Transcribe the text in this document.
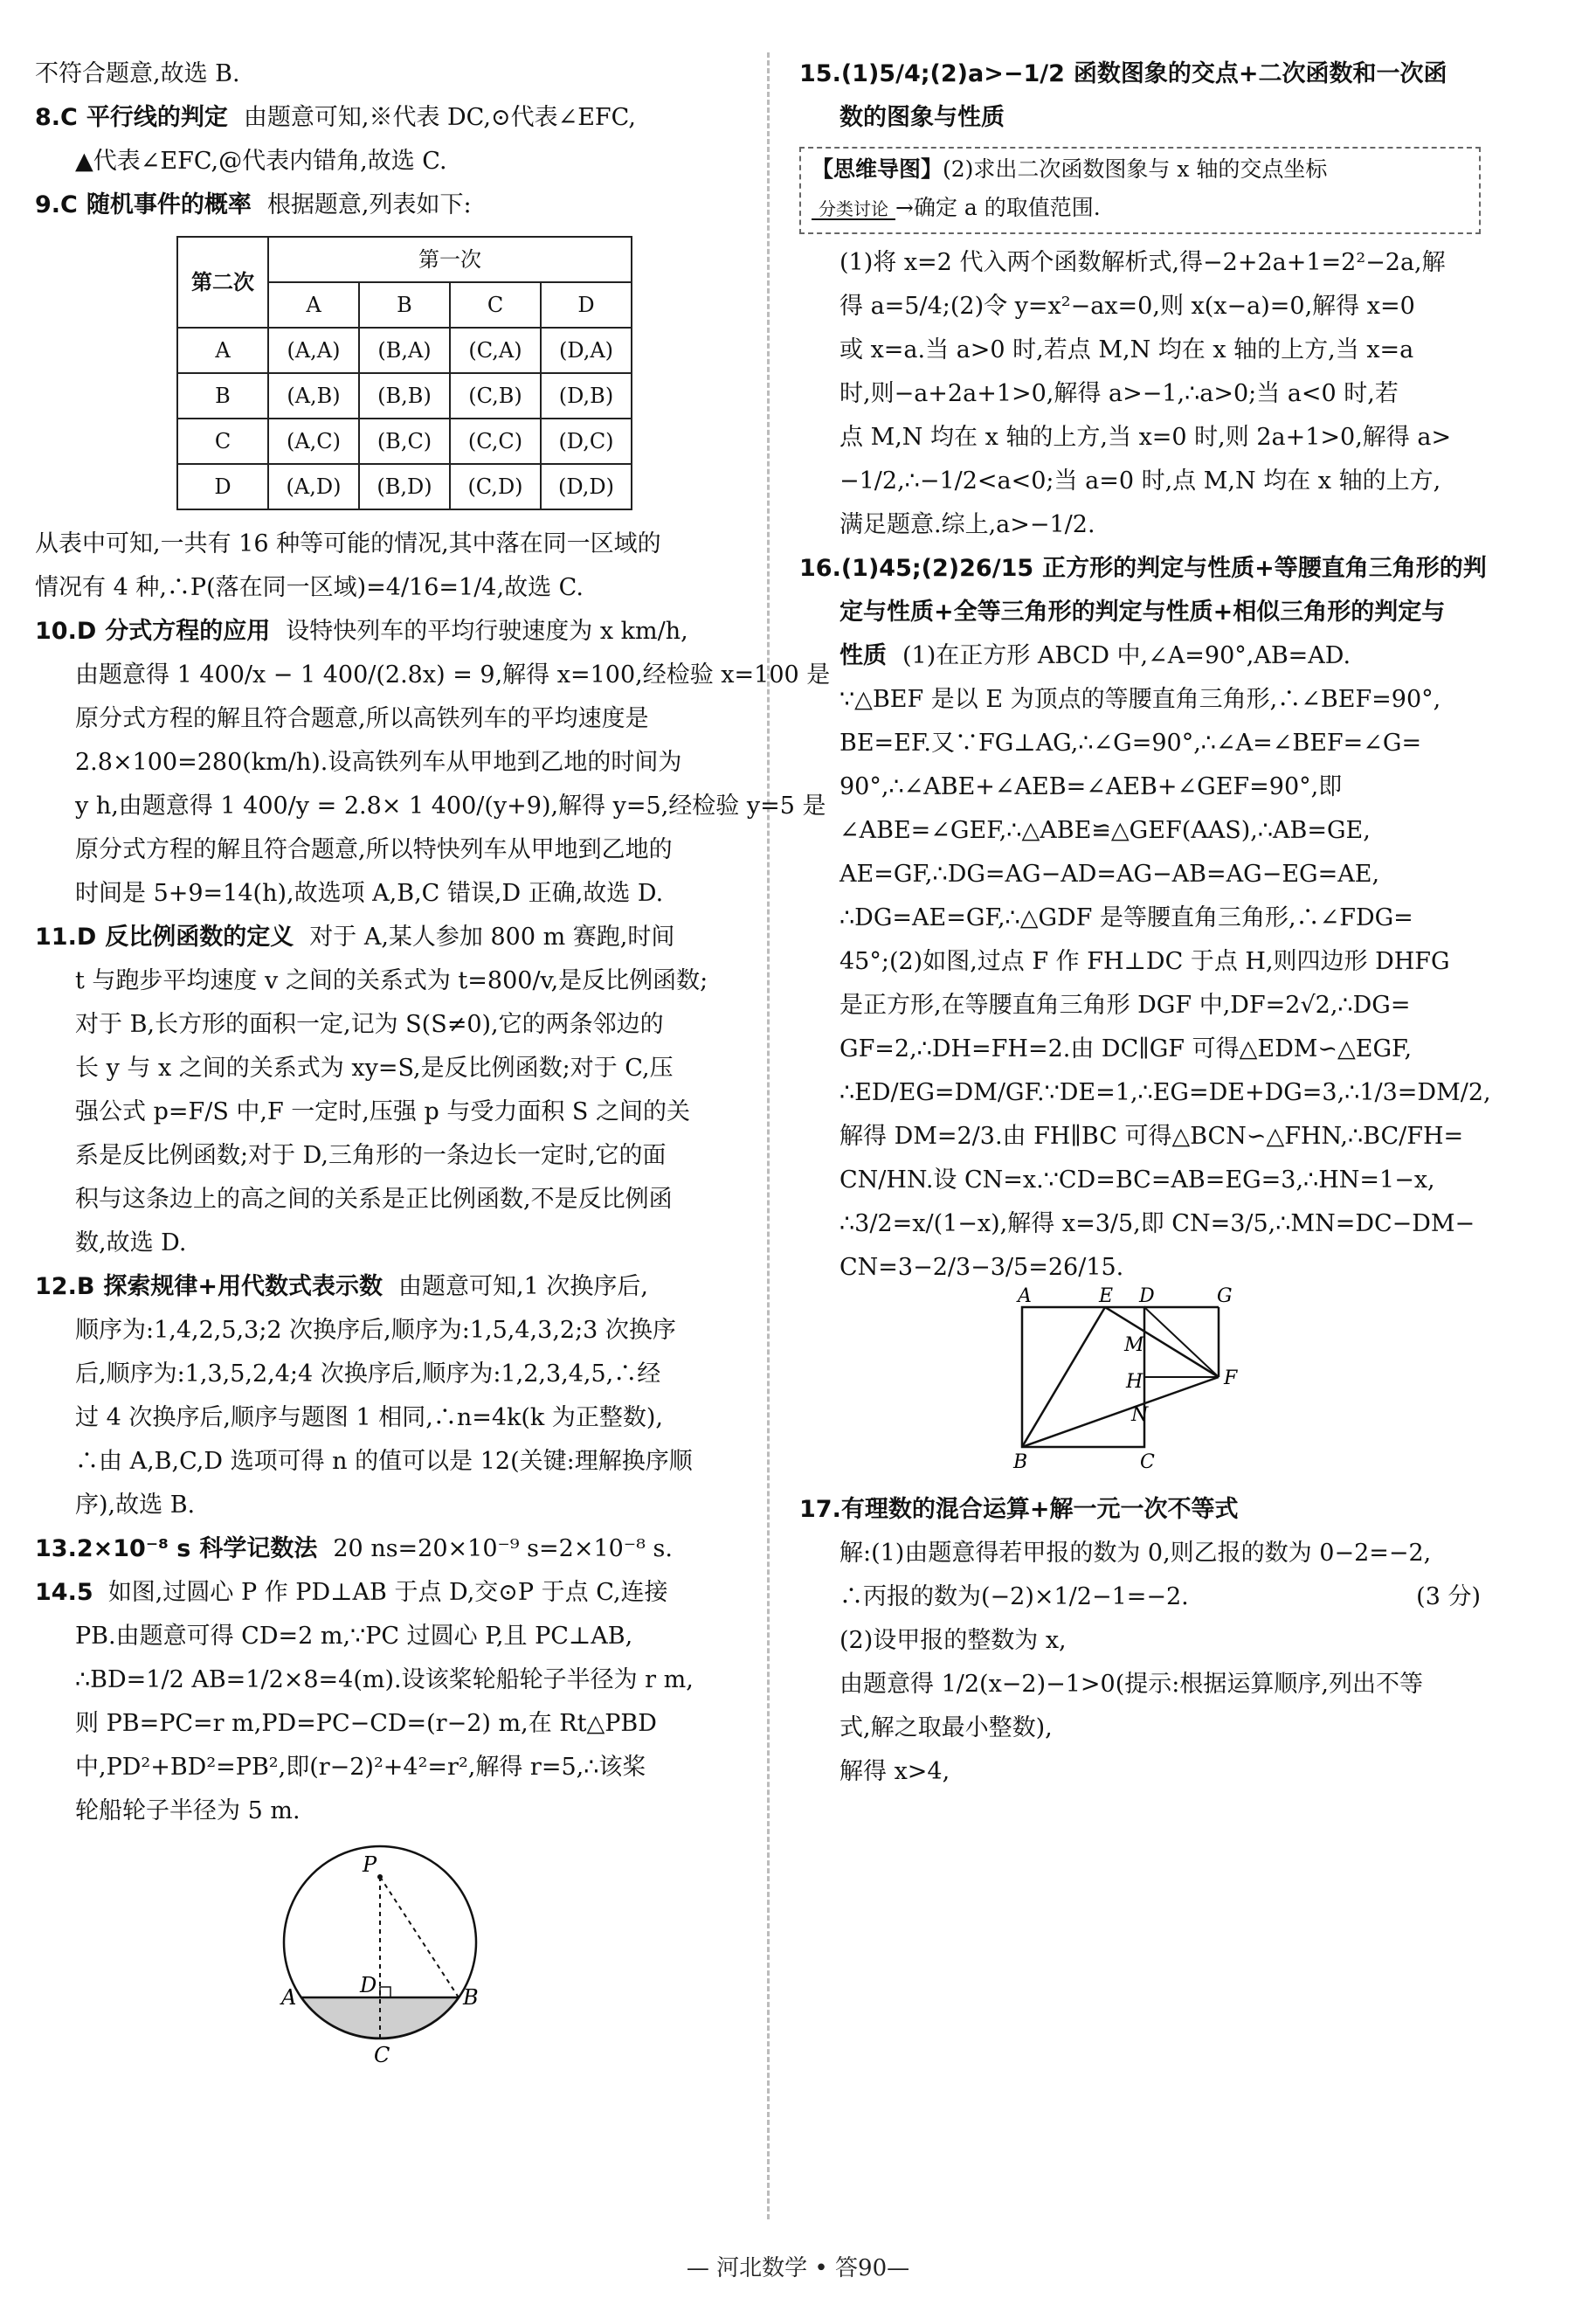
不符合题意,故选 B.
8.C 平行线的判定 由题意可知,※代表 DC,⊙代表∠EFC,
▲代表∠EFC,@代表内错角,故选 C.
9.C 随机事件的概率 根据题意,列表如下:
第二次	第一次			
	A	B	C	D
A	(A,A)	(B,A)	(C,A)	(D,A)
B	(A,B)	(B,B)	(C,B)	(D,B)
C	(A,C)	(B,C)	(C,C)	(D,C)
D	(A,D)	(B,D)	(C,D)	(D,D)
从表中可知,一共有 16 种等可能的情况,其中落在同一区域的
情况有 4 种,∴P(落在同一区域)=4/16=1/4,故选 C.
10.D 分式方程的应用 设特快列车的平均行驶速度为 x km/h,
由题意得 1 400/x − 1 400/(2.8x) = 9,解得 x=100,经检验 x=100 是
原分式方程的解且符合题意,所以高铁列车的平均速度是
2.8×100=280(km/h).设高铁列车从甲地到乙地的时间为
y h,由题意得 1 400/y = 2.8× 1 400/(y+9),解得 y=5,经检验 y=5 是
原分式方程的解且符合题意,所以特快列车从甲地到乙地的
时间是 5+9=14(h),故选项 A,B,C 错误,D 正确,故选 D.
11.D 反比例函数的定义 对于 A,某人参加 800 m 赛跑,时间
t 与跑步平均速度 v 之间的关系式为 t=800/v,是反比例函数;
对于 B,长方形的面积一定,记为 S(S≠0),它的两条邻边的
长 y 与 x 之间的关系式为 xy=S,是反比例函数;对于 C,压
强公式 p=F/S 中,F 一定时,压强 p 与受力面积 S 之间的关
系是反比例函数;对于 D,三角形的一条边长一定时,它的面
积与这条边上的高之间的关系是正比例函数,不是反比例函
数,故选 D.
12.B 探索规律+用代数式表示数 由题意可知,1 次换序后,
顺序为:1,4,2,5,3;2 次换序后,顺序为:1,5,4,3,2;3 次换序
后,顺序为:1,3,5,2,4;4 次换序后,顺序为:1,2,3,4,5,∴经
过 4 次换序后,顺序与题图 1 相同,∴n=4k(k 为正整数),
∴由 A,B,C,D 选项可得 n 的值可以是 12(关键:理解换序顺
序),故选 B.
13.2×10⁻⁸ s 科学记数法 20 ns=20×10⁻⁹ s=2×10⁻⁸ s.
14.5 如图,过圆心 P 作 PD⊥AB 于点 D,交⊙P 于点 C,连接
PB.由题意可得 CD=2 m,∵PC 过圆心 P,且 PC⊥AB,
∴BD=1/2 AB=1/2×8=4(m).设该桨轮船轮子半径为 r m,
则 PB=PC=r m,PD=PC−CD=(r−2) m,在 Rt△PBD
中,PD²+BD²=PB²,即(r−2)²+4²=r²,解得 r=5,∴该桨
轮船轮子半径为 5 m.
P
A	B
D
C
15.(1)5/4;(2)a>−1/2 函数图象的交点+二次函数和一次函
数的图象与性质
【思维导图】(2)求出二次函数图象与 x 轴的交点坐标
分类讨论 →确定 a 的取值范围.
(1)将 x=2 代入两个函数解析式,得−2+2a+1=2²−2a,解
得 a=5/4;(2)令 y=x²−ax=0,则 x(x−a)=0,解得 x=0
或 x=a.当 a>0 时,若点 M,N 均在 x 轴的上方,当 x=a
时,则−a+2a+1>0,解得 a>−1,∴a>0;当 a<0 时,若
点 M,N 均在 x 轴的上方,当 x=0 时,则 2a+1>0,解得 a>
−1/2,∴−1/2<a<0;当 a=0 时,点 M,N 均在 x 轴的上方,
满足题意.综上,a>−1/2.
16.(1)45;(2)26/15 正方形的判定与性质+等腰直角三角形的判
定与性质+全等三角形的判定与性质+相似三角形的判定与
性质 (1)在正方形 ABCD 中,∠A=90°,AB=AD.
∵△BEF 是以 E 为顶点的等腰直角三角形,∴∠BEF=90°,
BE=EF.又∵FG⊥AG,∴∠G=90°,∴∠A=∠BEF=∠G=
90°,∴∠ABE+∠AEB=∠AEB+∠GEF=90°,即
∠ABE=∠GEF,∴△ABE≌△GEF(AAS),∴AB=GE,
AE=GF,∴DG=AG−AD=AG−AB=AG−EG=AE,
∴DG=AE=GF,∴△GDF 是等腰直角三角形,∴∠FDG=
45°;(2)如图,过点 F 作 FH⊥DC 于点 H,则四边形 DHFG
是正方形,在等腰直角三角形 DGF 中,DF=2√2,∴DG=
GF=2,∴DH=FH=2.由 DC∥GF 可得△EDM∽△EGF,
∴ED/EG=DM/GF.∵DE=1,∴EG=DE+DG=3,∴1/3=DM/2,
解得 DM=2/3.由 FH∥BC 可得△BCN∽△FHN,∴BC/FH=
CN/HN.设 CN=x.∵CD=BC=AB=EG=3,∴HN=1−x,
∴3/2=x/(1−x),解得 x=3/5,即 CN=3/5,∴MN=DC−DM−
CN=3−2/3−3/5=26/15.
A	E D	G
M
H	F
N
B	C
17.有理数的混合运算+解一元一次不等式
解:(1)由题意得若甲报的数为 0,则乙报的数为 0−2=−2,
∴丙报的数为(−2)×1/2−1=−2.	(3 分)
(2)设甲报的整数为 x,
由题意得 1/2(x−2)−1>0(提示:根据运算顺序,列出不等
式,解之取最小整数),
解得 x>4,
— 河北数学 • 答90—
